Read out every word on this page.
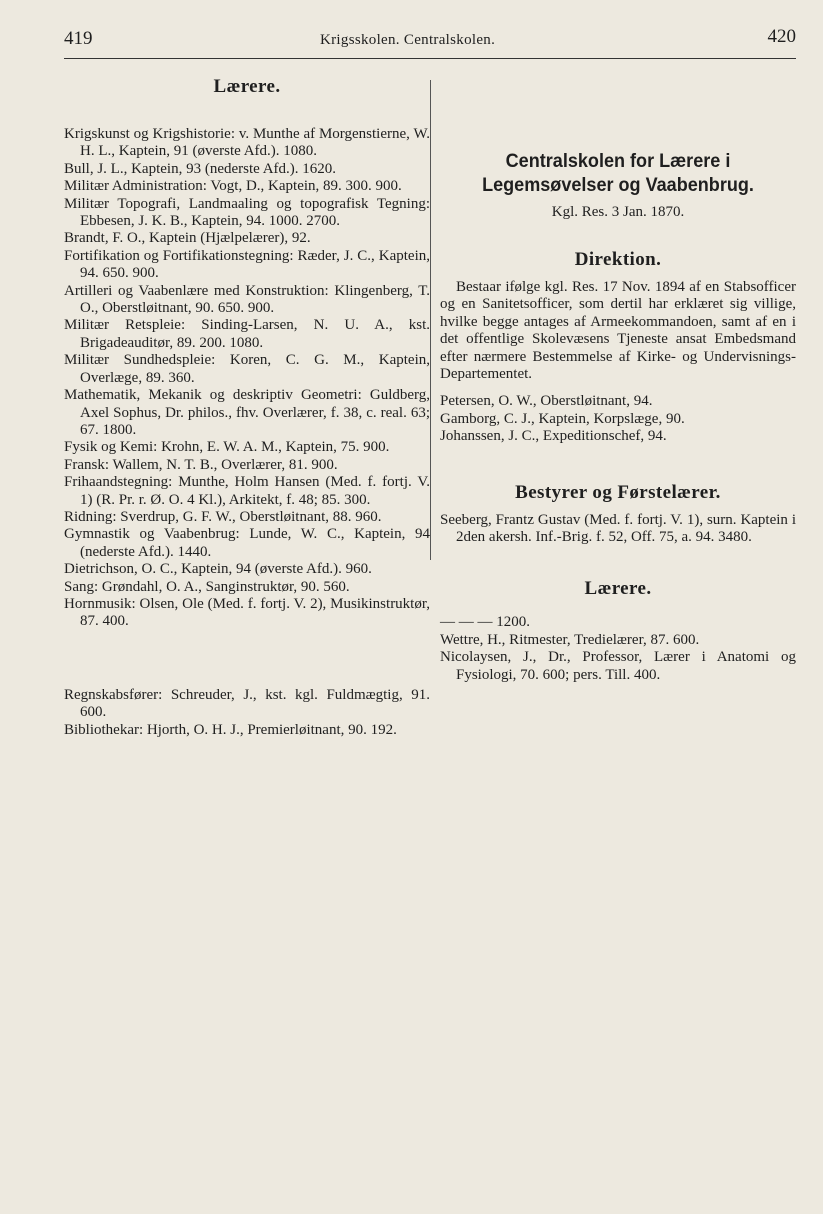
419	Krigsskolen. Centralskolen.	420
Lærere.

Krigskunst og Krigshistorie: v. Munthe af Morgenstierne, W. H. L., Kaptein, 91 (øverste Afd.). 1080.

Bull, J. L., Kaptein, 93 (nederste Afd.). 1620.

Militær Administration: Vogt, D., Kaptein, 89. 300. 900.

Militær Topografi, Landmaaling og topografisk Tegning: Ebbesen, J. K. B., Kaptein, 94. 1000. 2700.

Brandt, F. O., Kaptein (Hjælpelærer), 92.

Fortifikation og Fortifikationstegning: Ræder, J. C., Kaptein, 94. 650. 900.

Artilleri og Vaabenlære med Konstruktion: Klingenberg, T. O., Oberstløitnant, 90. 650. 900.

Militær Retspleie: Sinding-Larsen, N. U. A., kst. Brigadeauditør, 89. 200. 1080.

Militær Sundhedspleie: Koren, C. G. M., Kaptein, Overlæge, 89. 360.

Mathematik, Mekanik og deskriptiv Geometri: Guldberg, Axel Sophus, Dr. philos., fhv. Overlærer, f. 38, c. real. 63; 67. 1800.

Fysik og Kemi: Krohn, E. W. A. M., Kaptein, 75. 900.

Fransk: Wallem, N. T. B., Overlærer, 81. 900.

Frihaandstegning: Munthe, Holm Hansen (Med. f. fortj. V. 1) (R. Pr. r. Ø. O. 4 Kl.), Arkitekt, f. 48; 85. 300.

Ridning: Sverdrup, G. F. W., Oberstløitnant, 88. 960.

Gymnastik og Vaabenbrug: Lunde, W. C., Kaptein, 94 (nederste Afd.). 1440.

Dietrichson, O. C., Kaptein, 94 (øverste Afd.). 960.

Sang: Grøndahl, O. A., Sanginstruktør, 90. 560.

Hornmusik: Olsen, Ole (Med. f. fortj. V. 2), Musikinstruktør, 87. 400.

Regnskabsfører: Schreuder, J., kst. kgl. Fuldmægtig, 91. 600.

Bibliothekar: Hjorth, O. H. J., Premierløitnant, 90. 192.

Centralskolen for Lærere i Legemsøvelser og Vaabenbrug.
Kgl. Res. 3 Jan. 1870.
Direktion.

Bestaar ifølge kgl. Res. 17 Nov. 1894 af en Stabsofficer og en Sanitetsofficer, som dertil har erklæret sig villige, hvilke begge antages af Armeekommandoen, samt af en i det offentlige Skolevæsens Tjeneste ansat Embedsmand efter nærmere Bestemmelse af Kirke- og Undervisnings-Departementet.

Petersen, O. W., Oberstløitnant, 94.

Gamborg, C. J., Kaptein, Korpslæge, 90.

Johanssen, J. C., Expeditionschef, 94.

Bestyrer og Førstelærer.

Seeberg, Frantz Gustav (Med. f. fortj. V. 1), surn. Kaptein i 2den akersh. Inf.-Brig. f. 52, Off. 75, a. 94. 3480.

Lærere.

— — — 1200.

Wettre, H., Ritmester, Tredielærer, 87. 600.

Nicolaysen, J., Dr., Professor, Lærer i Anatomi og Fysiologi, 70. 600; pers. Till. 400.
